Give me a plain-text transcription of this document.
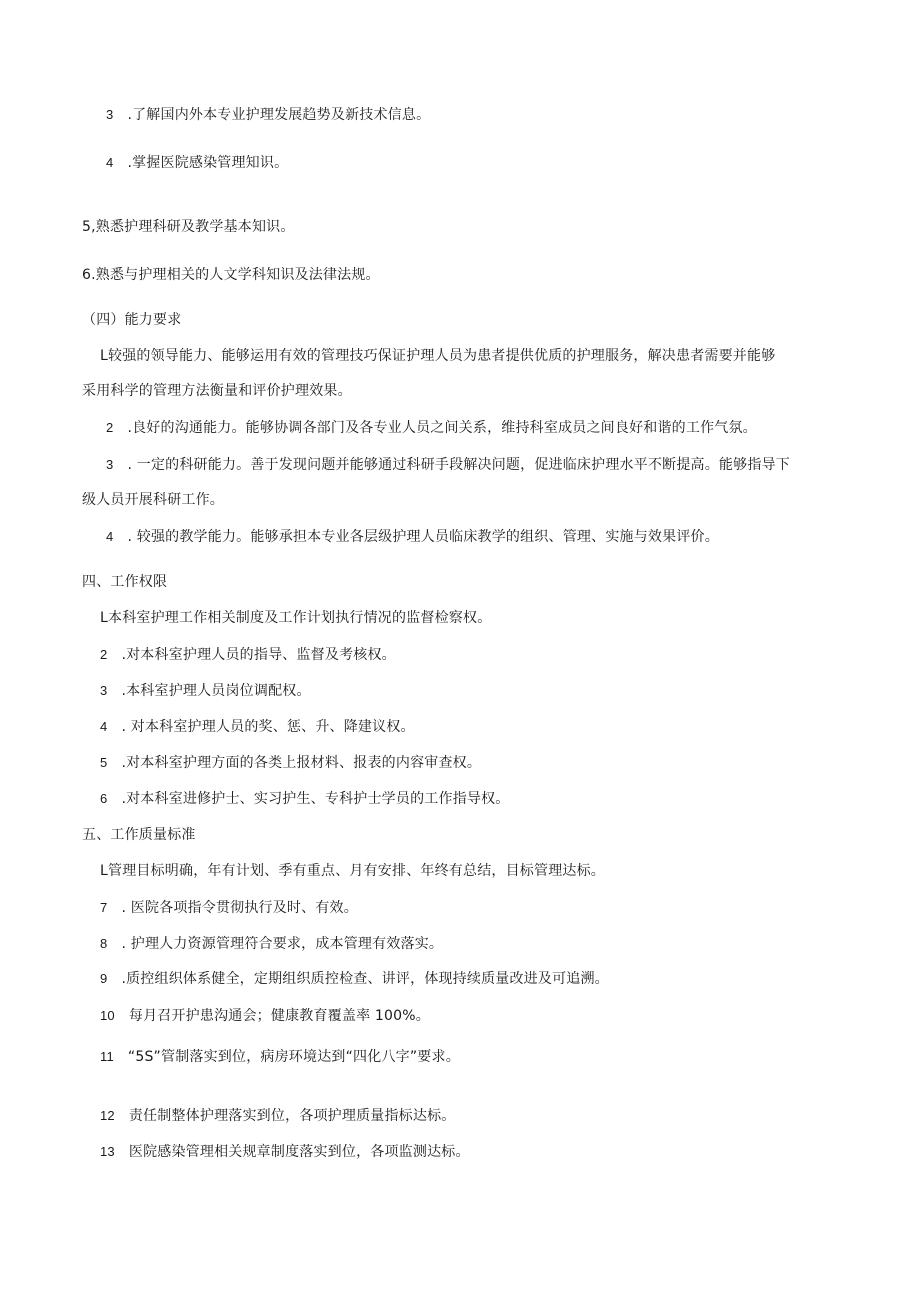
3 .了解国内外本专业护理发展趋势及新技术信息。
4 .掌握医院感染管理知识。
5,熟悉护理科研及教学基本知识。
6.熟悉与护理相关的人文学科知识及法律法规。
（四）能力要求
L较强的领导能力、能够运用有效的管理技巧保证护理人员为患者提供优质的护理服务，解决患者需要并能够
采用科学的管理方法衡量和评价护理效果。
2 .良好的沟通能力。能够协调各部门及各专业人员之间关系，维持科室成员之间良好和谐的工作气氛。
3 . 一定的科研能力。善于发现问题并能够通过科研手段解决问题，促进临床护理水平不断提高。能够指导下
级人员开展科研工作。
4 . 较强的教学能力。能够承担本专业各层级护理人员临床教学的组织、管理、实施与效果评价。
四、工作权限
L本科室护理工作相关制度及工作计划执行情况的监督检察权。
2 .对本科室护理人员的指导、监督及考核权。
3 .本科室护理人员岗位调配权。
4 . 对本科室护理人员的奖、惩、升、降建议权。
5 .对本科室护理方面的各类上报材料、报表的内容审查权。
6 .对本科室进修护士、实习护生、专科护士学员的工作指导权。
五、工作质量标准
L管理目标明确，年有计划、季有重点、月有安排、年终有总结，目标管理达标。
7 . 医院各项指令贯彻执行及时、有效。
8 . 护理人力资源管理符合要求，成本管理有效落实。
9 .质控组织体系健全，定期组织质控检查、讲评，体现持续质量改进及可追溯。
10 每月召开护患沟通会；健康教育覆盖率 100%。
11 “5S”管制落实到位，病房环境达到“四化八字”要求。
12 责任制整体护理落实到位，各项护理质量指标达标。
13 医院感染管理相关规章制度落实到位，各项监测达标。
